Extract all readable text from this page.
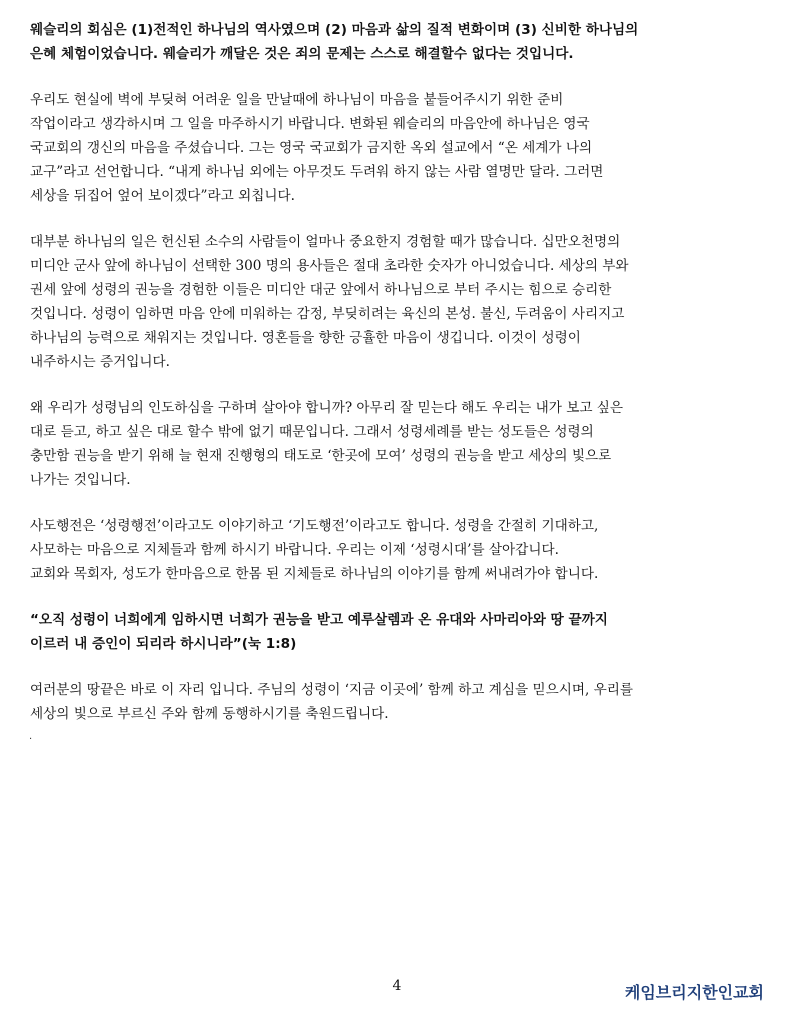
웨슬리의 회심은 (1)전적인 하나님의 역사였으며 (2) 마음과 삶의 질적 변화이며 (3) 신비한 하나님의
은혜 체험이었습니다. 웨슬리가 깨달은 것은 죄의 문제는 스스로 해결할수 없다는 것입니다.
우리도 현실에 벽에 부딪혀 어려운 일을 만날때에 하나님이 마음을 붙들어주시기 위한 준비
작업이라고 생각하시며 그 일을 마주하시기 바랍니다. 변화된 웨슬리의 마음안에 하나님은 영국
국교회의 갱신의 마음을 주셨습니다. 그는 영국 국교회가 금지한 옥외 설교에서 “온 세계가 나의
교구”라고 선언합니다. “내게 하나님 외에는 아무것도 두려워 하지 않는 사람 열명만 달라. 그러면
세상을 뒤집어 엎어 보이겠다”라고 외칩니다.
대부분 하나님의 일은 헌신된 소수의 사람들이 얼마나 중요한지 경험할 때가 많습니다. 십만오천명의
미디안 군사 앞에 하나님이 선택한 300 명의 용사들은 절대 초라한 숫자가 아니었습니다. 세상의 부와
권세 앞에 성령의 권능을 경험한 이들은 미디안 대군 앞에서 하나님으로 부터 주시는 힘으로 승리한
것입니다. 성령이 임하면 마음 안에 미워하는 감정, 부딪히려는 육신의 본성. 불신, 두려움이 사리지고
하나님의 능력으로 채워지는 것입니다. 영혼들을 향한 긍휼한 마음이 생깁니다. 이것이 성령이
내주하시는 증거입니다.
왜 우리가 성령님의 인도하심을 구하며 살아야 합니까? 아무리 잘 믿는다 해도 우리는 내가 보고 싶은
대로 듣고, 하고 싶은 대로 할수 밖에 없기 때문입니다. 그래서 성령세례를 받는 성도들은 성령의
충만함 권능을 받기 위해 늘 현재 진행형의 태도로 ‘한곳에 모여’ 성령의 권능을 받고 세상의 빛으로
나가는 것입니다.
사도행전은 ‘성령행전’이라고도 이야기하고 ‘기도행전’이라고도 합니다. 성령을 간절히 기대하고,
사모하는 마음으로 지체들과 함께 하시기 바랍니다. 우리는 이제 ‘성령시대’를 살아갑니다.
교회와 목회자, 성도가 한마음으로 한몸 된 지체들로 하나님의 이야기를 함께 써내려가야 합니다.
“오직 성령이 너희에게 임하시면 너희가 권능을 받고 예루살렘과 온 유대와 사마리아와 땅 끝까지
이르러 내 증인이 되리라 하시니라”(눅 1:8)
여러분의 땅끝은 바로 이 자리 입니다. 주님의 성령이 ‘지금 이곳에’ 함께 하고 계심을 믿으시며, 우리를
세상의 빛으로 부르신 주와 함께 동행하시기를 축원드립니다.
.
4	케임브리지한인교회
